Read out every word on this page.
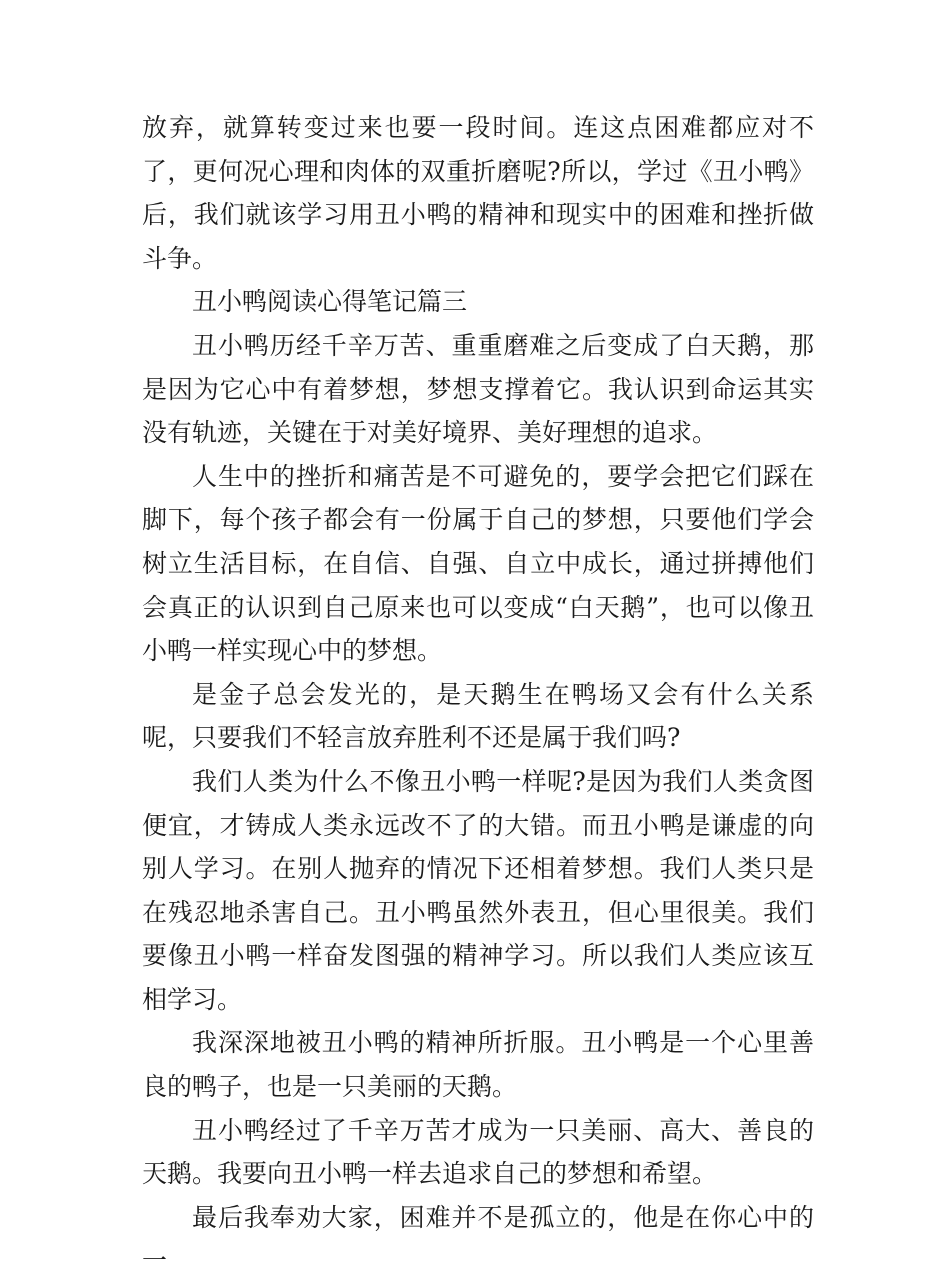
放弃，就算转变过来也要一段时间。连这点困难都应对不了，更何况心理和肉体的双重折磨呢?所以，学过《丑小鸭》后，我们就该学习用丑小鸭的精神和现实中的困难和挫折做斗争。

丑小鸭阅读心得笔记篇三

丑小鸭历经千辛万苦、重重磨难之后变成了白天鹅，那是因为它心中有着梦想，梦想支撑着它。我认识到命运其实没有轨迹，关键在于对美好境界、美好理想的追求。

人生中的挫折和痛苦是不可避免的，要学会把它们踩在脚下，每个孩子都会有一份属于自己的梦想，只要他们学会树立生活目标，在自信、自强、自立中成长，通过拼搏他们会真正的认识到自己原来也可以变成“白天鹅”，也可以像丑小鸭一样实现心中的梦想。

是金子总会发光的，是天鹅生在鸭场又会有什么关系呢，只要我们不轻言放弃胜利不还是属于我们吗?

我们人类为什么不像丑小鸭一样呢?是因为我们人类贪图便宜，才铸成人类永远改不了的大错。而丑小鸭是谦虚的向别人学习。在别人抛弃的情况下还相着梦想。我们人类只是在残忍地杀害自己。丑小鸭虽然外表丑，但心里很美。我们要像丑小鸭一样奋发图强的精神学习。所以我们人类应该互相学习。

我深深地被丑小鸭的精神所折服。丑小鸭是一个心里善良的鸭子，也是一只美丽的天鹅。

丑小鸭经过了千辛万苦才成为一只美丽、高大、善良的天鹅。我要向丑小鸭一样去追求自己的梦想和希望。

最后我奉劝大家，困难并不是孤立的，他是在你心中的一
